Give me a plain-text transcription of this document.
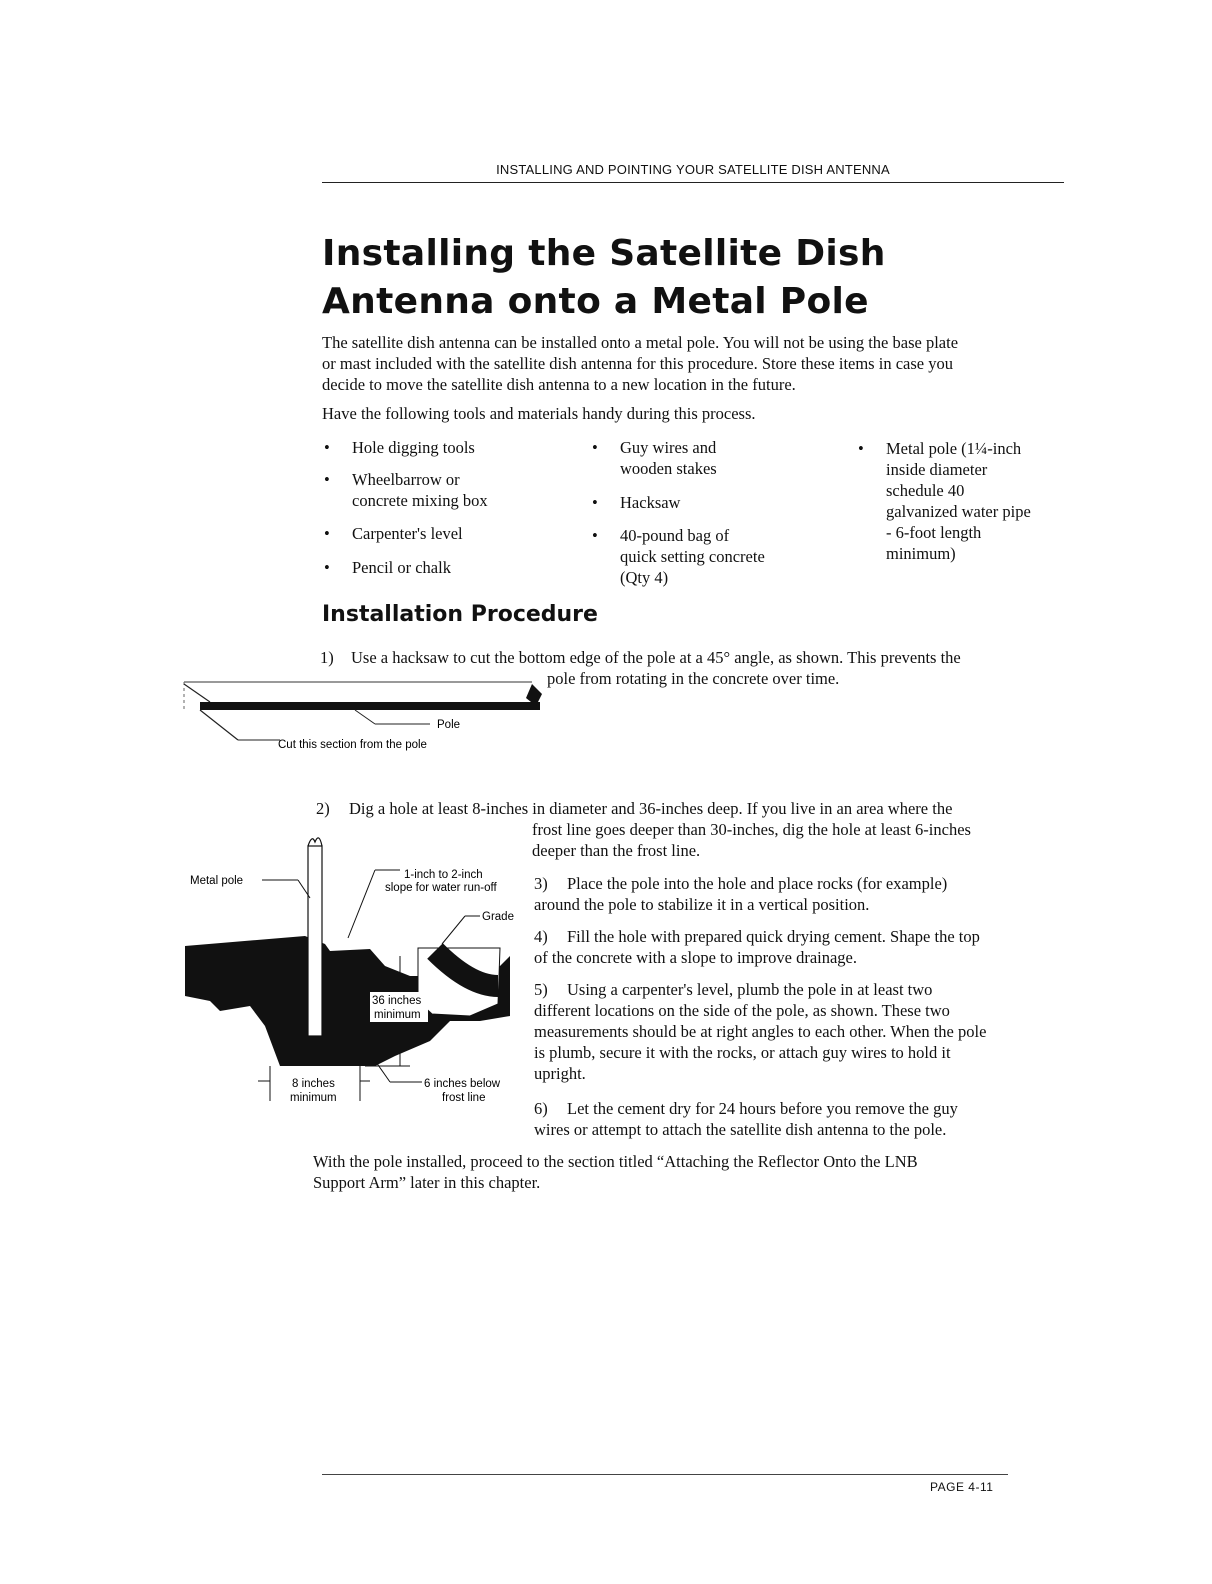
INSTALLING AND POINTING YOUR SATELLITE DISH ANTENNA
Installing the Satellite Dish
Antenna onto a Metal Pole
The satellite dish antenna can be installed onto a metal pole. You will not be using the base plate
or mast included with the satellite dish antenna for this procedure. Store these items in case you
decide to move the satellite dish antenna to a new location in the future.
Have the following tools and materials handy during this process.
• Hole digging tools
• Wheelbarrow or
concrete mixing box
• Carpenter's level
• Pencil or chalk
• Guy wires and
wooden stakes
• Hacksaw
• 40-pound bag of
quick setting concrete
(Qty 4)
• Metal pole (1¼-inch
inside diameter
schedule 40
galvanized water pipe
- 6-foot length
minimum)
Installation Procedure
1) Use a hacksaw to cut the bottom edge of the pole at a 45° angle, as shown. This prevents the
pole from rotating in the concrete over time.
Pole
Cut this section from the pole
2) Dig a hole at least 8-inches in diameter and 36-inches deep. If you live in an area where the
frost line goes deeper than 30-inches, dig the hole at least 6-inches
deeper than the frost line.
Metal pole	1-inch to 2-inch
slope for water run-off
Grade
36 inches
minimum
8 inches
minimum
6 inches below
frost line
3) Place the pole into the hole and place rocks (for example)
around the pole to stabilize it in a vertical position.
4) Fill the hole with prepared quick drying cement. Shape the top
of the concrete with a slope to improve drainage.
5) Using a carpenter's level, plumb the pole in at least two
different locations on the side of the pole, as shown. These two
measurements should be at right angles to each other. When the pole
is plumb, secure it with the rocks, or attach guy wires to hold it
upright.
6) Let the cement dry for 24 hours before you remove the guy
wires or attempt to attach the satellite dish antenna to the pole.
With the pole installed, proceed to the section titled “Attaching the Reflector Onto the LNB
Support Arm” later in this chapter.
PAGE 4-11
